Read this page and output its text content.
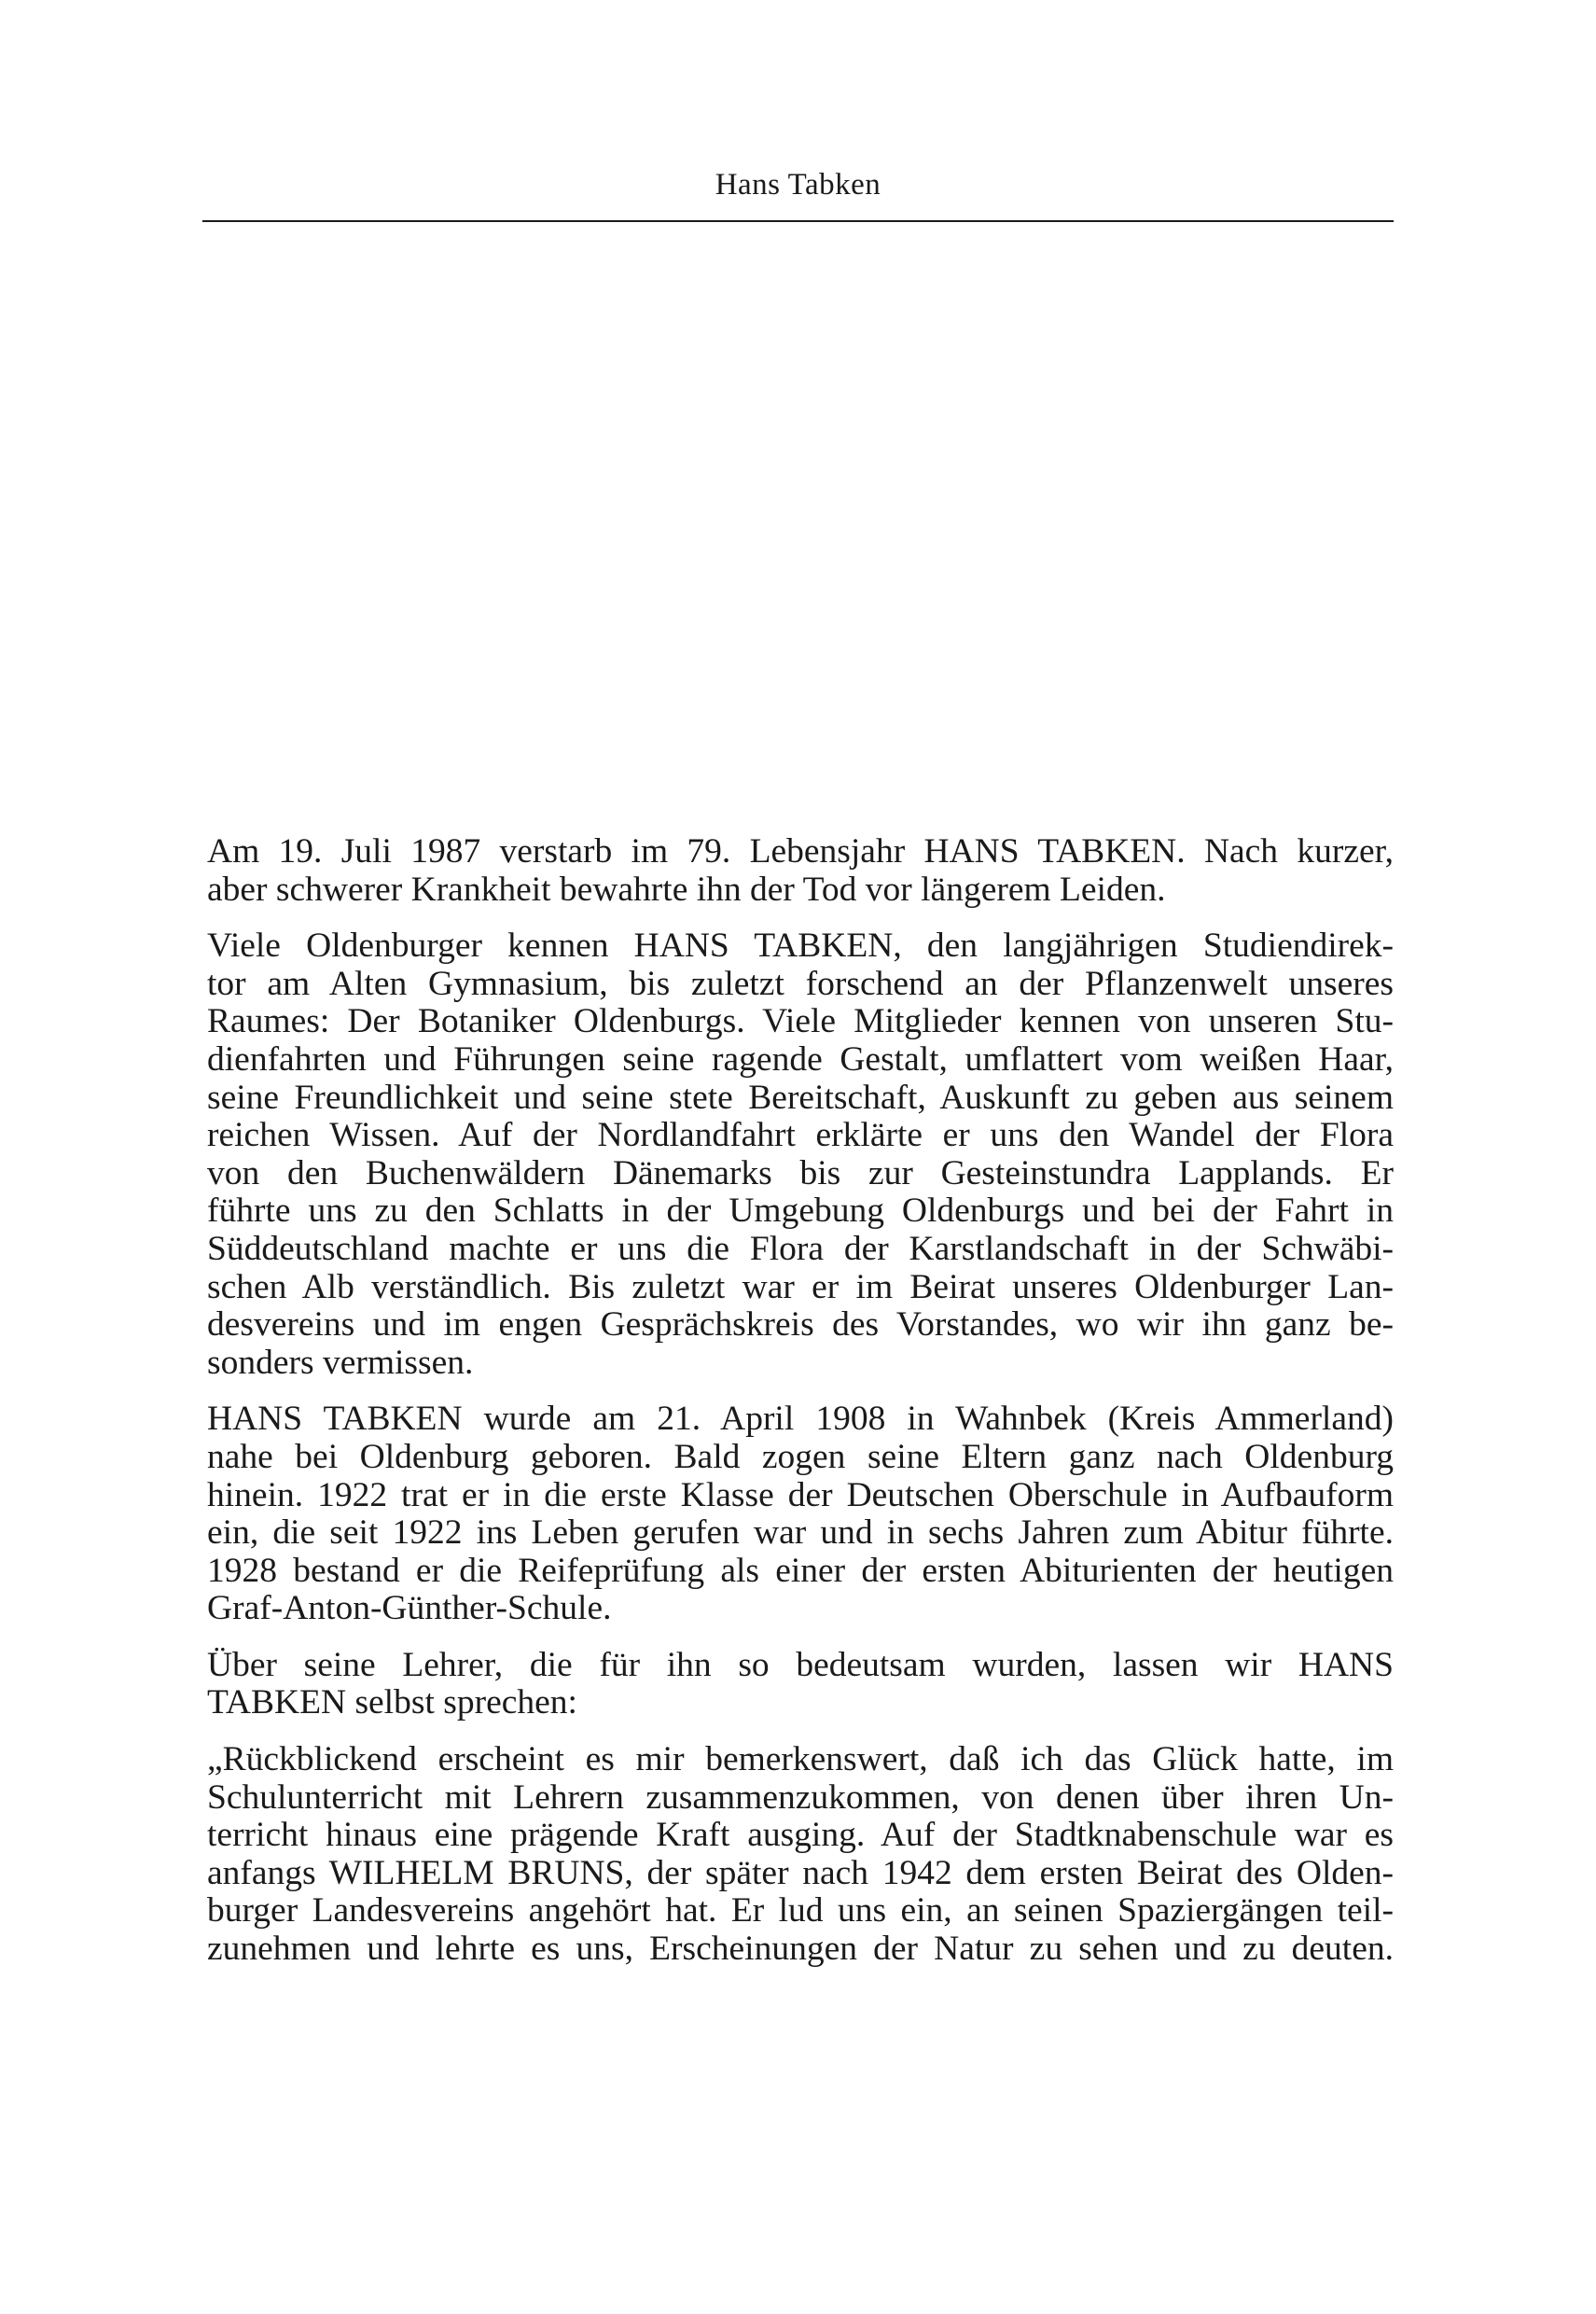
Hans Tabken

Am 19. Juli 1987 verstarb im 79. Lebensjahr HANS TABKEN. Nach kurzer,
aber schwerer Krankheit bewahrte ihn der Tod vor längerem Leiden.

Viele Oldenburger kennen HANS TABKEN, den langjährigen Studiendirek-
tor am Alten Gymnasium, bis zuletzt forschend an der Pflanzenwelt unseres
Raumes: Der Botaniker Oldenburgs. Viele Mitglieder kennen von unseren Stu-
dienfahrten und Führungen seine ragende Gestalt, umflattert vom weißen Haar,
seine Freundlichkeit und seine stete Bereitschaft, Auskunft zu geben aus seinem
reichen Wissen. Auf der Nordlandfahrt erklärte er uns den Wandel der Flora
von den Buchenwäldern Dänemarks bis zur Gesteinstundra Lapplands. Er
führte uns zu den Schlatts in der Umgebung Oldenburgs und bei der Fahrt in
Süddeutschland machte er uns die Flora der Karstlandschaft in der Schwäbi-
schen Alb verständlich. Bis zuletzt war er im Beirat unseres Oldenburger Lan-
desvereins und im engen Gesprächskreis des Vorstandes, wo wir ihn ganz be-
sonders vermissen.

HANS TABKEN wurde am 21. April 1908 in Wahnbek (Kreis Ammerland)
nahe bei Oldenburg geboren. Bald zogen seine Eltern ganz nach Oldenburg
hinein. 1922 trat er in die erste Klasse der Deutschen Oberschule in Aufbauform
ein, die seit 1922 ins Leben gerufen war und in sechs Jahren zum Abitur führte.
1928 bestand er die Reifeprüfung als einer der ersten Abiturienten der heutigen
Graf-Anton-Günther-Schule.

Über seine Lehrer, die für ihn so bedeutsam wurden, lassen wir HANS
TABKEN selbst sprechen:

„Rückblickend erscheint es mir bemerkenswert, daß ich das Glück hatte, im
Schulunterricht mit Lehrern zusammenzukommen, von denen über ihren Un-
terricht hinaus eine prägende Kraft ausging. Auf der Stadtknabenschule war es
anfangs WILHELM BRUNS, der später nach 1942 dem ersten Beirat des Olden-
burger Landesvereins angehört hat. Er lud uns ein, an seinen Spaziergängen teil-
zunehmen und lehrte es uns, Erscheinungen der Natur zu sehen und zu deuten.
